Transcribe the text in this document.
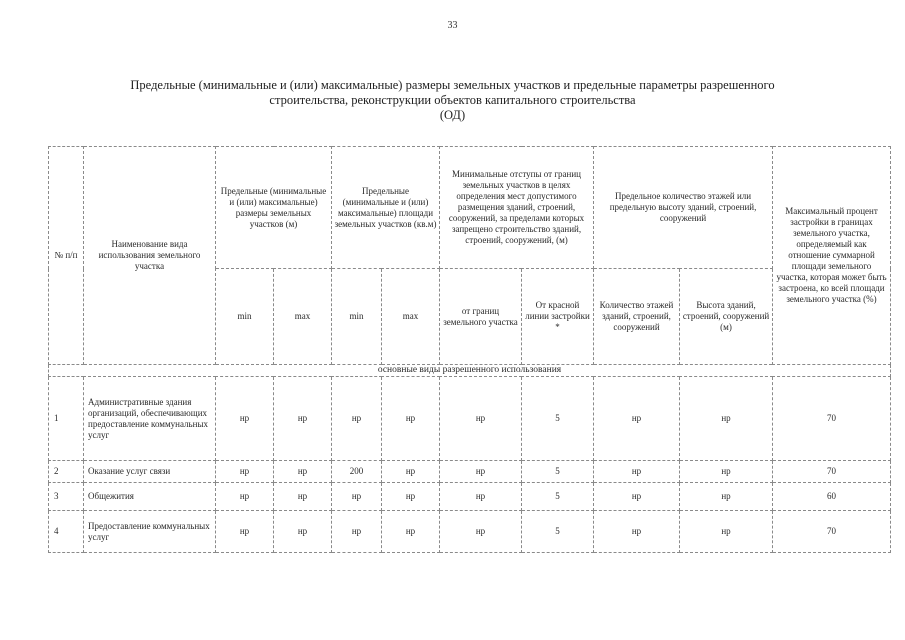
33
Предельные (минимальные и (или) максимальные) размеры земельных участков и предельные параметры разрешенного
строительства, реконструкции объектов капитального строительства
(ОД)
№ п/п	Наименование вида использования земельного участка	Предельные (минимальные и (или) максимальные) размеры земельных участков (м)		Предельные (минимальные и (или) максимальные) площади земельных участков (кв.м)		Минимальные отступы от границ земельных участков в целях определения мест допустимого размещения зданий, строений, сооружений, за пределами которых запрещено строительство зданий, строений, сооружений, (м)		Предельное количество этажей или предельную высоту зданий, строений, сооружений		Максимальный процент застройки в границах земельного участка, определяемый как отношение суммарной площади земельного участка, которая может быть застроена, ко всей площади земельного участка (%)
		min	max	min	max	от границ земельного участка	От красной линии застройки *	Количество этажей зданий, строений, сооружений	Высота зданий, строений, сооружений (м)	
основные виды разрешенного использования										
1	Административные здания организаций, обеспечивающих предоставление коммунальных услуг	нр	нр	нр	нр	нр	5	нр	нр	70
2	Оказание услуг связи	нр	нр	200	нр	нр	5	нр	нр	70
3	Общежития	нр	нр	нр	нр	нр	5	нр	нр	60
4	Предоставление коммунальных услуг	нр	нр	нр	нр	нр	5	нр	нр	70
